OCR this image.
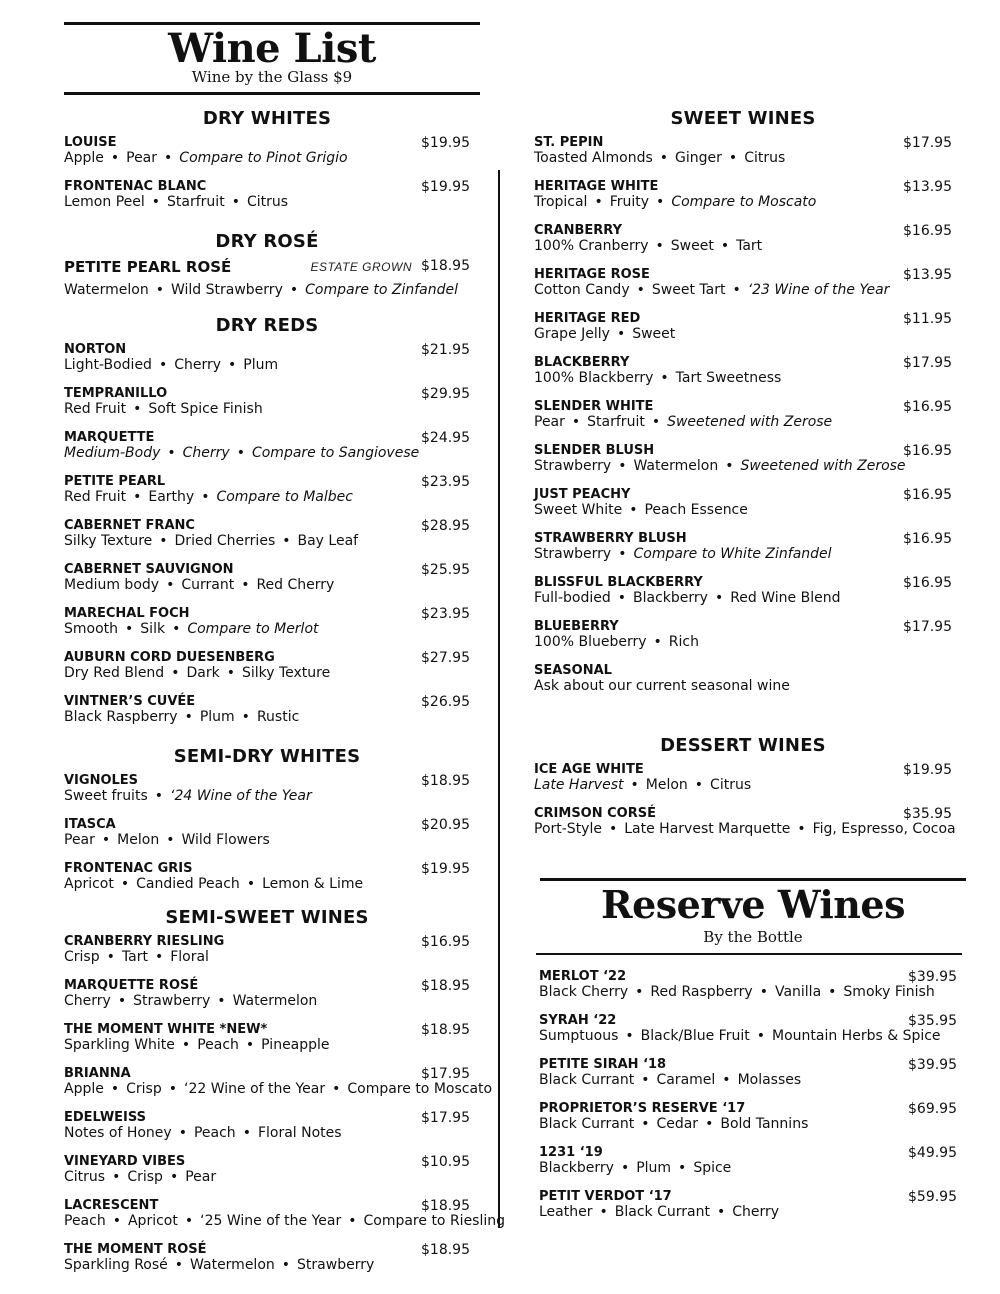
Wine List
Wine by the Glass $9
DRY WHITES
LOUISE	$19.95
Apple • Pear • Compare to Pinot Grigio
FRONTENAC BLANC	$19.95
Lemon Peel • Starfruit • Citrus
DRY ROSÉ
PETITE PEARL ROSÉ	ESTATE GROWN $18.95
Watermelon • Wild Strawberry • Compare to Zinfandel
DRY REDS
NORTON	$21.95
Light-Bodied • Cherry • Plum
TEMPRANILLO	$29.95
Red Fruit • Soft Spice Finish
MARQUETTE	$24.95
Medium-Body • Cherry • Compare to Sangiovese
PETITE PEARL	$23.95
Red Fruit • Earthy • Compare to Malbec
CABERNET FRANC	$28.95
Silky Texture • Dried Cherries • Bay Leaf
CABERNET SAUVIGNON	$25.95
Medium body • Currant • Red Cherry
MARECHAL FOCH	$23.95
Smooth • Silk • Compare to Merlot
AUBURN CORD DUESENBERG	$27.95
Dry Red Blend • Dark • Silky Texture
VINTNER’S CUVÉE	$26.95
Black Raspberry • Plum • Rustic
SEMI-DRY WHITES
VIGNOLES	$18.95
Sweet fruits • ‘24 Wine of the Year
ITASCA	$20.95
Pear • Melon • Wild Flowers
FRONTENAC GRIS	$19.95
Apricot • Candied Peach • Lemon & Lime
SEMI-SWEET WINES
CRANBERRY RIESLING	$16.95
Crisp • Tart • Floral
MARQUETTE ROSÉ	$18.95
Cherry • Strawberry • Watermelon
THE MOMENT WHITE *NEW*	$18.95
Sparkling White • Peach • Pineapple
BRIANNA	$17.95
Apple • Crisp • ‘22 Wine of the Year • Compare to Moscato
EDELWEISS	$17.95
Notes of Honey • Peach • Floral Notes
VINEYARD VIBES	$10.95
Citrus • Crisp • Pear
LACRESCENT	$18.95
Peach • Apricot • ‘25 Wine of the Year • Compare to Riesling
THE MOMENT ROSÉ	$18.95
Sparkling Rosé • Watermelon • Strawberry
SWEET WINES
ST. PEPIN	$17.95
Toasted Almonds • Ginger • Citrus
HERITAGE WHITE	$13.95
Tropical • Fruity • Compare to Moscato
CRANBERRY	$16.95
100% Cranberry • Sweet • Tart
HERITAGE ROSE	$13.95
Cotton Candy • Sweet Tart • ‘23 Wine of the Year
HERITAGE RED	$11.95
Grape Jelly • Sweet
BLACKBERRY	$17.95
100% Blackberry • Tart Sweetness
SLENDER WHITE	$16.95
Pear • Starfruit • Sweetened with Zerose
SLENDER BLUSH	$16.95
Strawberry • Watermelon • Sweetened with Zerose
JUST PEACHY	$16.95
Sweet White • Peach Essence
STRAWBERRY BLUSH	$16.95
Strawberry • Compare to White Zinfandel
BLISSFUL BLACKBERRY	$16.95
Full-bodied • Blackberry • Red Wine Blend
BLUEBERRY	$17.95
100% Blueberry • Rich
SEASONAL
Ask about our current seasonal wine
DESSERT WINES
ICE AGE WHITE	$19.95
Late Harvest • Melon • Citrus
CRIMSON CORSÉ	$35.95
Port-Style • Late Harvest Marquette • Fig, Espresso, Cocoa
Reserve Wines
By the Bottle
MERLOT ‘22	$39.95
Black Cherry • Red Raspberry • Vanilla • Smoky Finish
SYRAH ‘22	$35.95
Sumptuous • Black/Blue Fruit • Mountain Herbs & Spice
PETITE SIRAH ‘18	$39.95
Black Currant • Caramel • Molasses
PROPRIETOR’S RESERVE ‘17	$69.95
Black Currant • Cedar • Bold Tannins
1231 ‘19	$49.95
Blackberry • Plum • Spice
PETIT VERDOT ‘17	$59.95
Leather • Black Currant • Cherry
